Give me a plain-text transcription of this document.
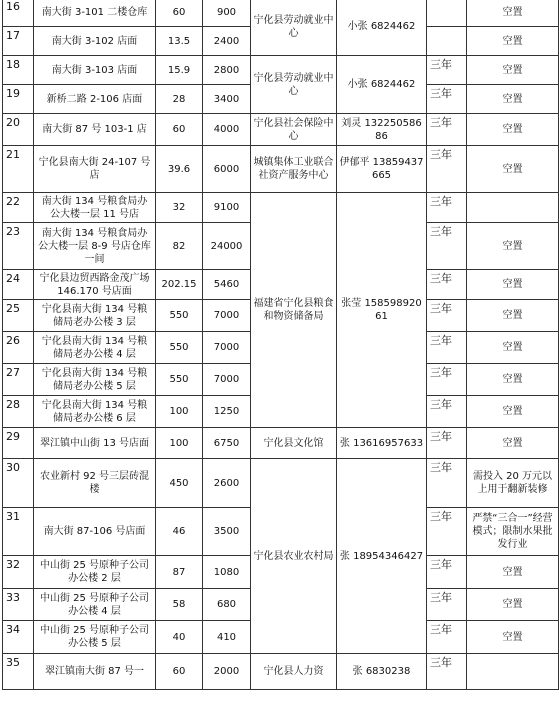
16	南大街 3-101 二楼仓库	60	900	宁化县劳动就业中心	小张 6824462		空置
17	南大街 3-102 店面	13.5	2400				空置
18	南大街 3-103 店面	15.9	2800	宁化县劳动就业中心	小张 6824462	三年	空置
19	新桥二路 2-106 店面	28	3400			三年	空置
20	南大街 87 号 103-1 店	60	4000	宁化县社会保险中心	刘灵 13225058686	三年	空置
21	宁化县南大街 24-107 号店	39.6	6000	城镇集体工业联合社资产服务中心	伊郁平 13859437665	三年	空置
22	南大街 134 号粮食局办公大楼一层 11 号店	32	9100	福建省宁化县粮食和物资储备局	张莹 15859892061	三年	
23	南大街 134 号粮食局办公大楼一层 8-9 号店仓库一间	82	24000			三年	空置
24	宁化县边贸西路金茂广场 146.170 号店面	202.15	5460			三年	空置
25	宁化县南大街 134 号粮储局老办公楼 3 层	550	7000			三年	空置
26	宁化县南大街 134 号粮储局老办公楼 4 层	550	7000			三年	空置
27	宁化县南大街 134 号粮储局老办公楼 5 层	550	7000			三年	空置
28	宁化县南大街 134 号粮储局老办公楼 6 层	100	1250			三年	空置
29	翠江镇中山街 13 号店面	100	6750	宁化县文化馆	张 13616957633	三年	空置
30	农业新村 92 号三层砖混楼	450	2600	宁化县农业农村局	张 18954346427	三年	需投入 20 万元以上用于翻新装修
31	南大街 87-106 号店面	46	3500			三年	严禁“三合一”经营模式；限制水果批发行业
32	中山街 25 号原种子公司办公楼 2 层	87	1080			三年	空置
33	中山街 25 号原种子公司办公楼 4 层	58	680			三年	空置
34	中山街 25 号原种子公司办公楼 5 层	40	410			三年	空置
35	翠江镇南大街 87 号一	60	2000	宁化县人力资	张 6830238	三年	
